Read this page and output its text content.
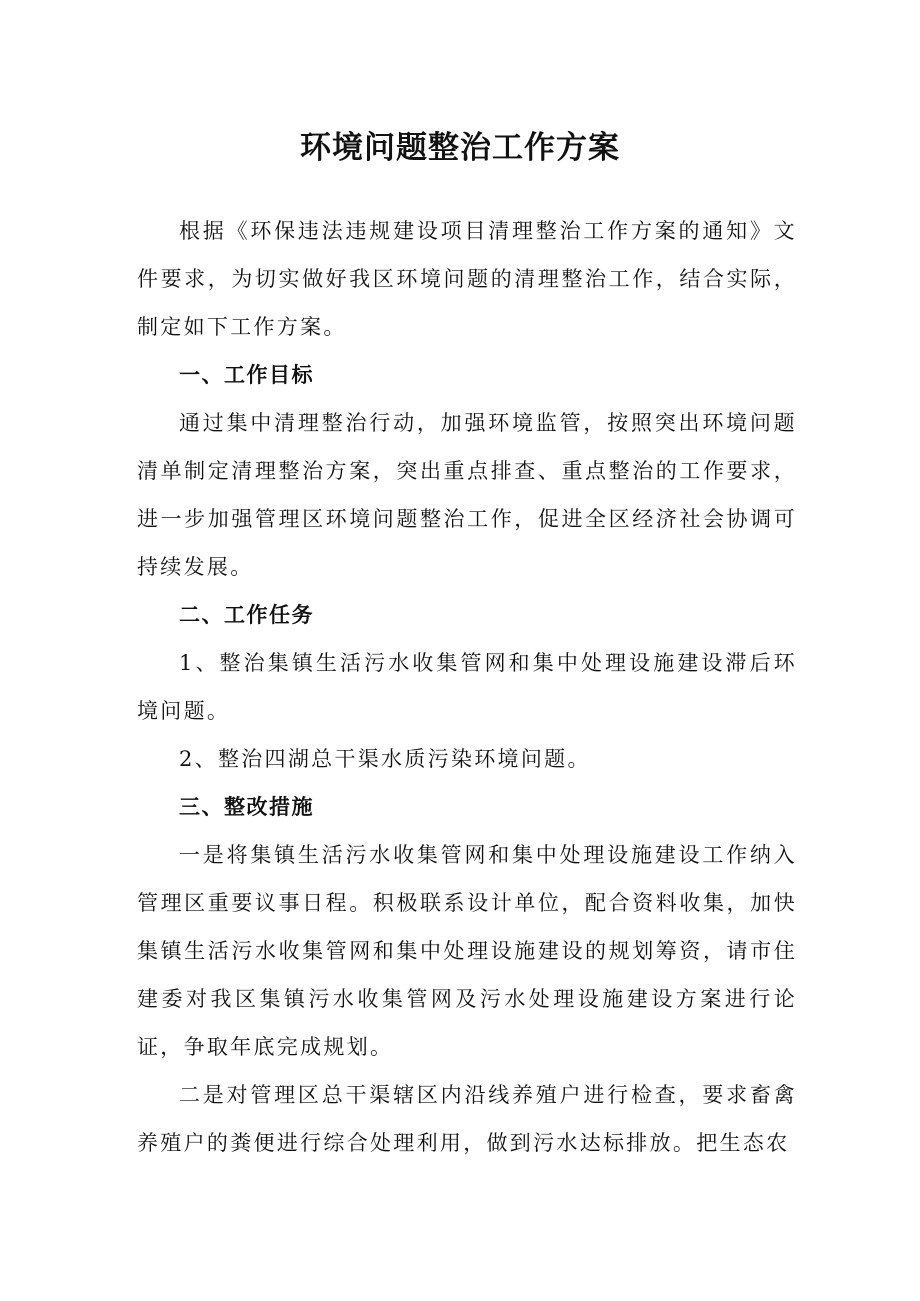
环境问题整治工作方案

根据《环保违法违规建设项目清理整治工作方案的通知》文件要求，为切实做好我区环境问题的清理整治工作，结合实际，制定如下工作方案。

一、工作目标

通过集中清理整治行动，加强环境监管，按照突出环境问题清单制定清理整治方案，突出重点排查、重点整治的工作要求，进一步加强管理区环境问题整治工作，促进全区经济社会协调可持续发展。

二、工作任务

1、整治集镇生活污水收集管网和集中处理设施建设滞后环境问题。

2、整治四湖总干渠水质污染环境问题。

三、整改措施

一是将集镇生活污水收集管网和集中处理设施建设工作纳入管理区重要议事日程。积极联系设计单位，配合资料收集，加快集镇生活污水收集管网和集中处理设施建设的规划筹资，请市住建委对我区集镇污水收集管网及污水处理设施建设方案进行论证，争取年底完成规划。

二是对管理区总干渠辖区内沿线养殖户进行检查，要求畜禽养殖户的粪便进行综合处理利用，做到污水达标排放。把生态农
